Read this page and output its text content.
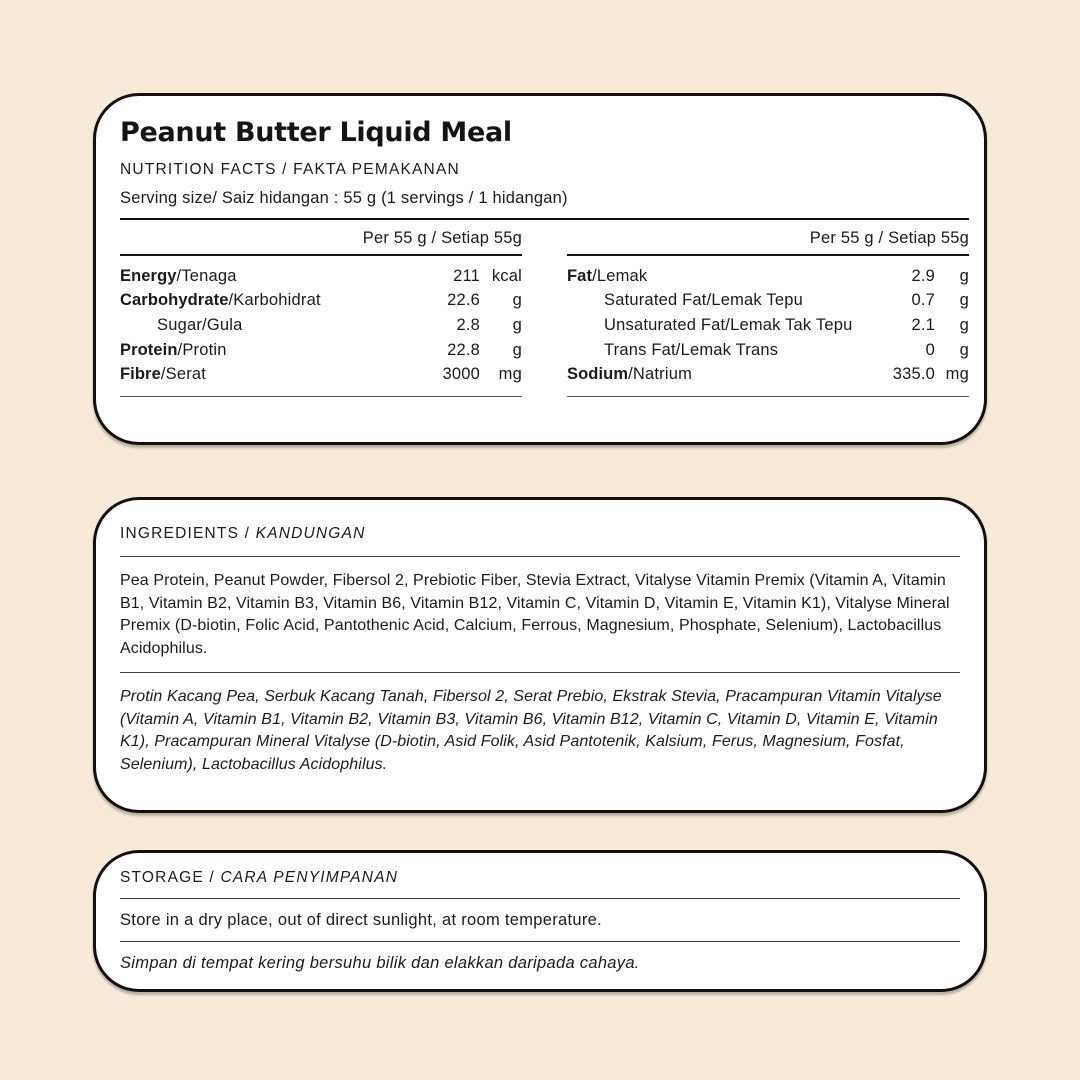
Peanut Butter Liquid Meal
NUTRITION FACTS / FAKTA PEMAKANAN
Serving size/ Saiz hidangan : 55 g (1 servings / 1 hidangan)
Per 55 g / Setiap 55g
Energy/Tenaga	211 kcal
Carbohydrate/Karbohidrat	22.6	g
Sugar/Gula	2.8	g
Protein/Protin	22.8	g
Fibre/Serat	3000	mg
Per 55 g / Setiap 55g
Fat/Lemak	2.9	g
Saturated Fat/Lemak Tepu	0.7	g
Unsaturated Fat/Lemak Tak Tepu	2.1	g
Trans Fat/Lemak Trans	0	g
Sodium/Natrium	335.0 mg
INGREDIENTS / KANDUNGAN

Pea Protein, Peanut Powder, Fibersol 2, Prebiotic Fiber, Stevia Extract, Vitalyse Vitamin Premix (Vitamin A, Vitamin B1, Vitamin B2, Vitamin B3, Vitamin B6, Vitamin B12, Vitamin C, Vitamin D, Vitamin E, Vitamin K1), Vitalyse Mineral Premix (D-biotin, Folic Acid, Pantothenic Acid, Calcium, Ferrous, Magnesium, Phosphate, Selenium), Lactobacillus Acidophilus.

Protin Kacang Pea, Serbuk Kacang Tanah, Fibersol 2, Serat Prebio, Ekstrak Stevia, Pracampuran Vitamin Vitalyse (Vitamin A, Vitamin B1, Vitamin B2, Vitamin B3, Vitamin B6, Vitamin B12, Vitamin C, Vitamin D, Vitamin E, Vitamin K1), Pracampuran Mineral Vitalyse (D-biotin, Asid Folik, Asid Pantotenik, Kalsium, Ferus, Magnesium, Fosfat, Selenium), Lactobacillus Acidophilus.

STORAGE / CARA PENYIMPANAN
Store in a dry place, out of direct sunlight, at room temperature.
Simpan di tempat kering bersuhu bilik dan elakkan daripada cahaya.
